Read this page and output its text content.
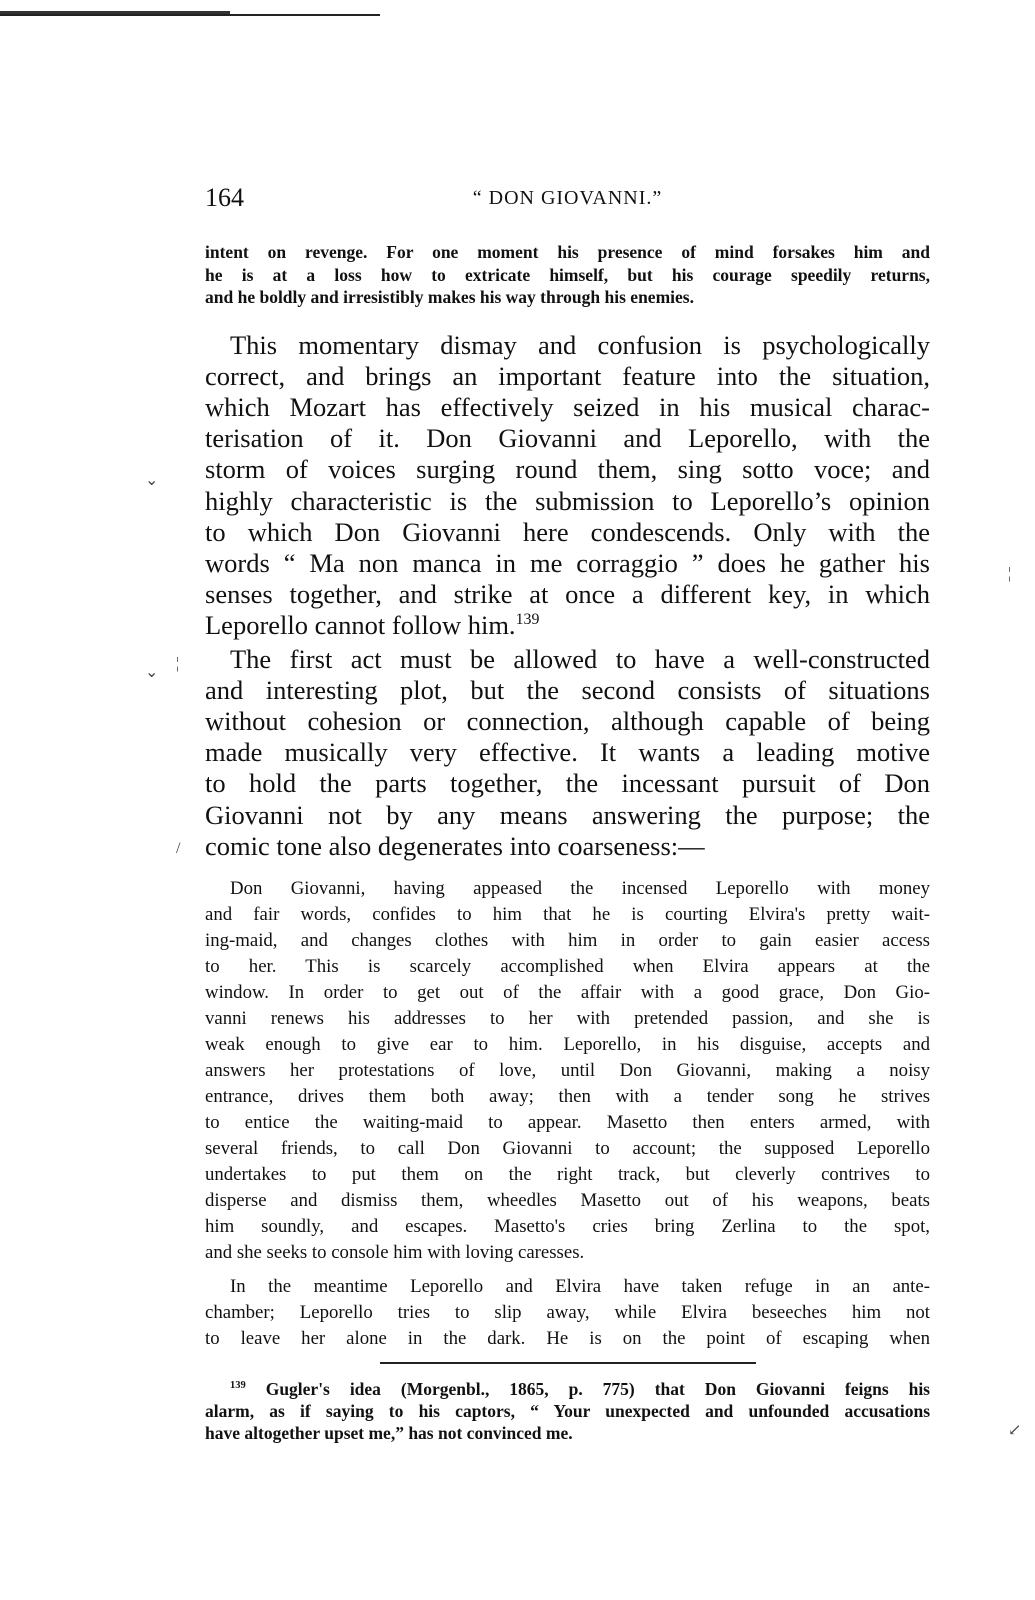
164	“ DON GIOVANNI.”
intent on revenge. For one moment his presence of mind forsakes him and
he is at a loss how to extricate himself, but his courage speedily returns,
and he boldly and irresistibly makes his way through his enemies.
This momentary dismay and confusion is psychologically
correct, and brings an important feature into the situation,
which Mozart has effectively seized in his musical charac-
terisation of it. Don Giovanni and Leporello, with the
storm of voices surging round them, sing sotto voce; and
highly characteristic is the submission to Leporello’s opinion
to which Don Giovanni here condescends. Only with the
words “ Ma non manca in me corraggio ” does he gather his
senses together, and strike at once a different key, in which
Leporello cannot follow him.$^{139}$
The first act must be allowed to have a well-constructed
and interesting plot, but the second consists of situations
without cohesion or connection, although capable of being
made musically very effective. It wants a leading motive
to hold the parts together, the incessant pursuit of Don
Giovanni not by any means answering the purpose; the
comic tone also degenerates into coarseness:—
Don Giovanni, having appeased the incensed Leporello with money
and fair words, confides to him that he is courting Elvira's pretty wait-
ing-maid, and changes clothes with him in order to gain easier access
to her. This is scarcely accomplished when Elvira appears at the
window. In order to get out of the affair with a good grace, Don Gio-
vanni renews his addresses to her with pretended passion, and she is
weak enough to give ear to him. Leporello, in his disguise, accepts and
answers her protestations of love, until Don Giovanni, making a noisy
entrance, drives them both away; then with a tender song he strives
to entice the waiting-maid to appear. Masetto then enters armed, with
several friends, to call Don Giovanni to account; the supposed Leporello
undertakes to put them on the right track, but cleverly contrives to
disperse and dismiss them, wheedles Masetto out of his weapons, beats
him soundly, and escapes. Masetto's cries bring Zerlina to the spot,
and she seeks to console him with loving caresses.
In the meantime Leporello and Elvira have taken refuge in an ante-
chamber; Leporello tries to slip away, while Elvira beseeches him not
to leave her alone in the dark. He is on the point of escaping when
$^{139}$ Gugler's idea (Morgenbl., 1865, p. 775) that Don Giovanni feigns his
alarm, as if saying to his captors, “ Your unexpected and unfounded accusations
have altogether upset me,” has not convinced me.
⌄
⌄
¦
/
¦
↙
